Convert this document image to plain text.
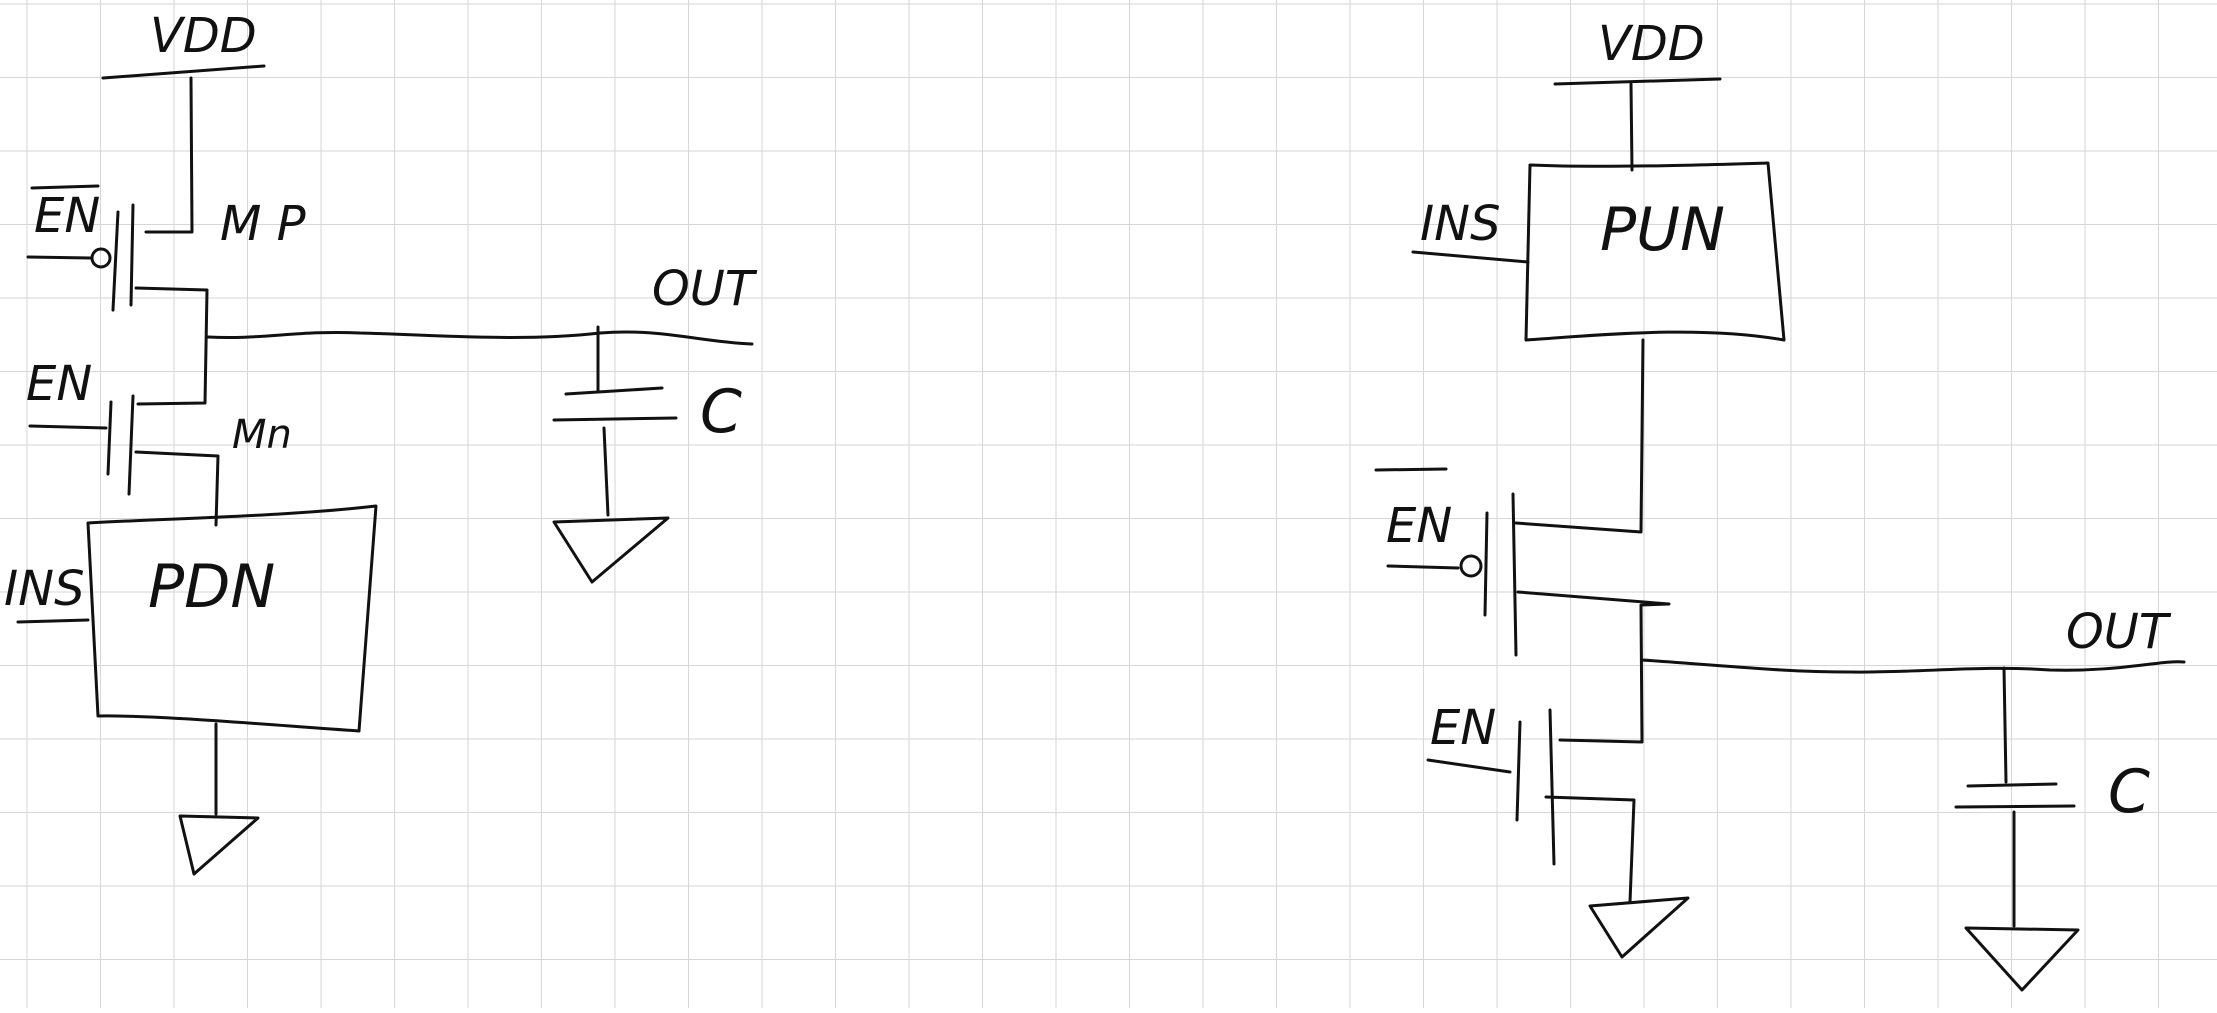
VDD
EN M P
OUT
C
EN
Mn
PDN
INS
VDD
PUN
INS
EN
OUT
EN
C
